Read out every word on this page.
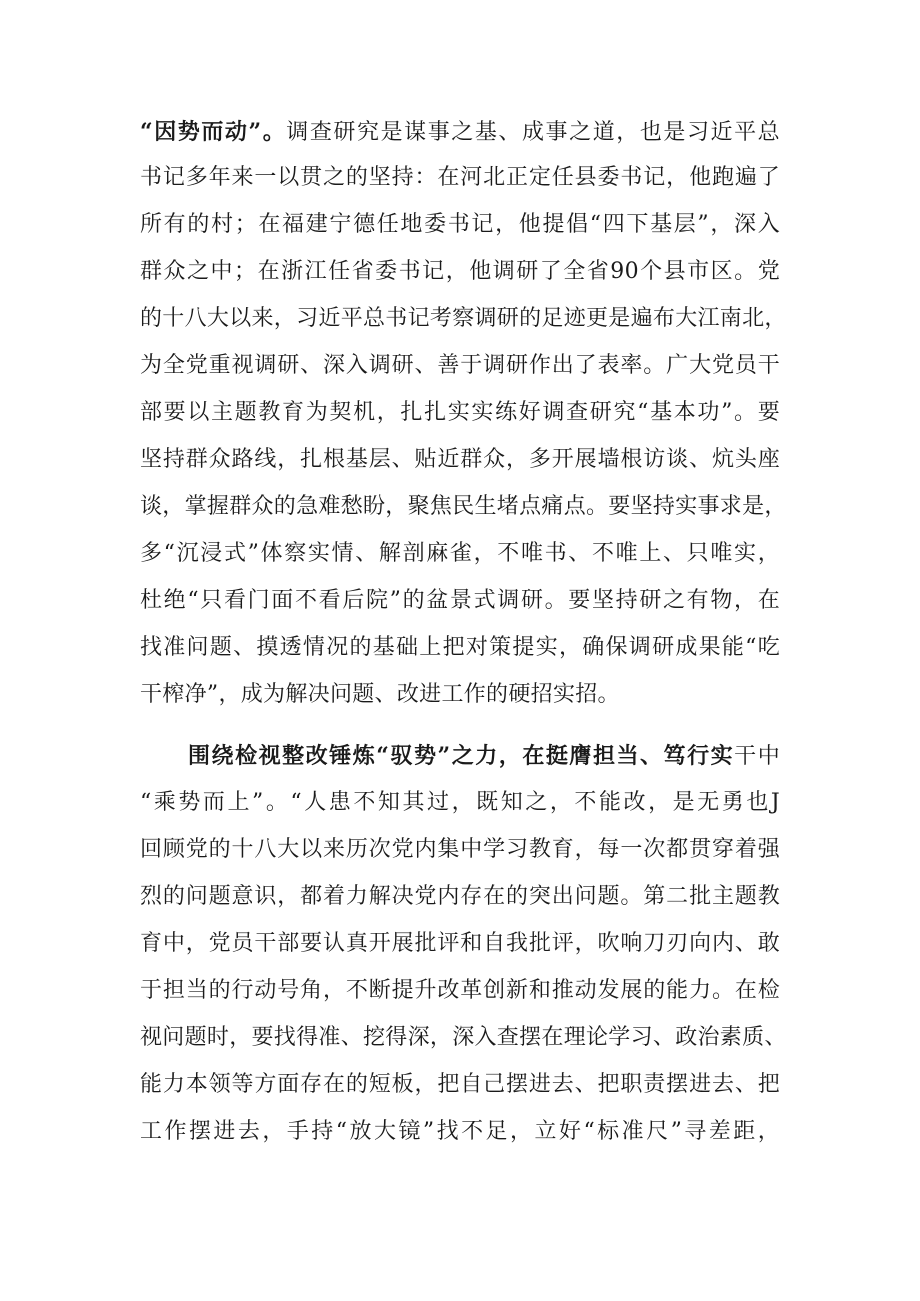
“因势而动”。调查研究是谋事之基、成事之道，也是习近平总
书记多年来一以贯之的坚持：在河北正定任县委书记，他跑遍了
所有的村；在福建宁德任地委书记，他提倡“四下基层”，深入
群众之中；在浙江任省委书记，他调研了全省90个县市区。党
的十八大以来，习近平总书记考察调研的足迹更是遍布大江南北，
为全党重视调研、深入调研、善于调研作出了表率。广大党员干
部要以主题教育为契机，扎扎实实练好调查研究“基本功”。要
坚持群众路线，扎根基层、贴近群众，多开展墙根访谈、炕头座
谈，掌握群众的急难愁盼，聚焦民生堵点痛点。要坚持实事求是，
多“沉浸式”体察实情、解剖麻雀，不唯书、不唯上、只唯实，
杜绝“只看门面不看后院”的盆景式调研。要坚持研之有物，在
找准问题、摸透情况的基础上把对策提实，确保调研成果能“吃
干榨净”，成为解决问题、改进工作的硬招实招。
围绕检视整改锤炼“驭势”之力，在挺膺担当、笃行实干中
“乘势而上”。“人患不知其过，既知之，不能改，是无勇也J
回顾党的十八大以来历次党内集中学习教育，每一次都贯穿着强
烈的问题意识，都着力解决党内存在的突出问题。第二批主题教
育中，党员干部要认真开展批评和自我批评，吹响刀刃向内、敢
于担当的行动号角，不断提升改革创新和推动发展的能力。在检
视问题时，要找得准、挖得深，深入查摆在理论学习、政治素质、
能力本领等方面存在的短板，把自己摆进去、把职责摆进去、把
工作摆进去，手持“放大镜”找不足，立好“标准尺”寻差距，
